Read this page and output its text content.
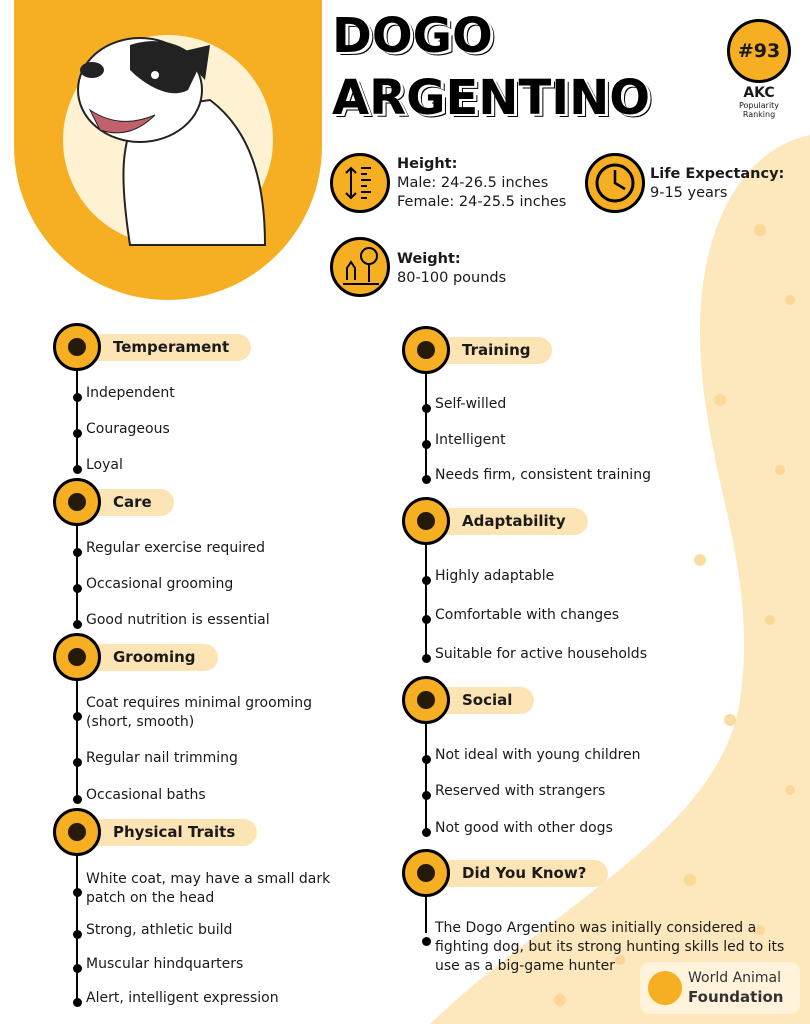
DOGO
ARGENTINO
#93
AKC
Popularity
Ranking
Height:
Male: 24-26.5 inches
Female: 24-25.5 inches
Life Expectancy:
9-15 years
Weight:
80-100 pounds
Temperament
Independent
Courageous
Loyal
Care
Regular exercise required
Occasional grooming
Good nutrition is essential
Grooming
Coat requires minimal grooming (short, smooth)
Regular nail trimming
Occasional baths
Physical Traits
White coat, may have a small dark patch on the head
Strong, athletic build
Muscular hindquarters
Alert, intelligent expression
Training
Self-willed
Intelligent
Needs firm, consistent training
Adaptability
Highly adaptable
Comfortable with changes
Suitable for active households
Social
Not ideal with young children
Reserved with strangers
Not good with other dogs
Did You Know?
The Dogo Argentino was initially considered a fighting dog, but its strong hunting skills led to its use as a big-game hunter
World Animal
Foundation
